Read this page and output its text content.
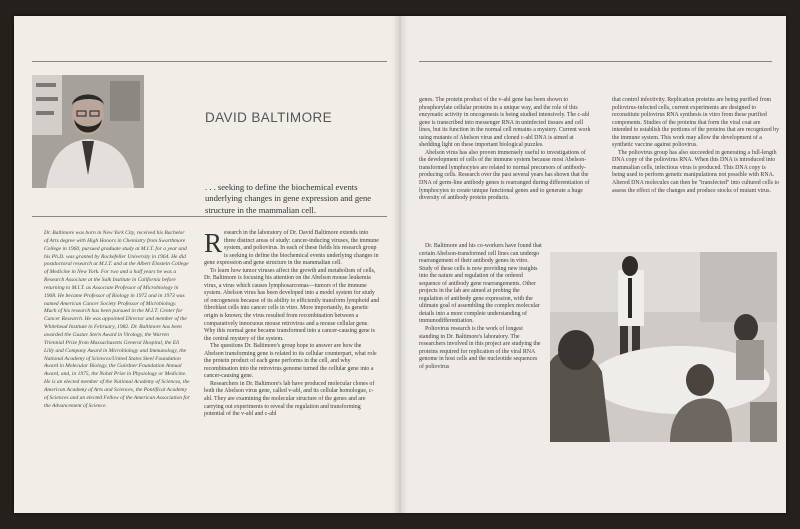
DAVID BALTIMORE

. . . seeking to define the biochemical events underlying changes in gene expression and gene structure in the mammalian cell.

Dr. Baltimore was born in New York City, received his Bachelor of Arts degree with High Honors in Chemistry from Swarthmore College in 1960, pursued graduate study at M.I.T. for a year and his Ph.D. was granted by Rockefeller University in 1964. He did postdoctoral research at M.I.T. and at the Albert Einstein College of Medicine in New York. For two and a half years he was a Research Associate at the Salk Institute in California before returning to M.I.T. as Associate Professor of Microbiology in 1968. He became Professor of Biology in 1972 and in 1973 was named American Cancer Society Professor of Microbiology. Much of his research has been pursued in the M.I.T. Center for Cancer Research. He was appointed Director and member of the Whitehead Institute in February, 1982. Dr. Baltimore has been awarded the Gustav Stern Award in Virology, the Warren Triennial Prize from Massachusetts General Hospital, the Eli Lilly and Company Award in Microbiology and Immunology, the National Academy of Sciences/United States Steel Foundation Award in Molecular Biology, the Gairdner Foundation Annual Award, and, in 1975, the Nobel Prize in Physiology or Medicine. He is an elected member of the National Academy of Sciences, the American Academy of Arts and Sciences, the Pontifical Academy of Sciences and an elected Fellow of the American Association for the Advancement of Science.

R esearch in the laboratory of Dr. David Baltimore extends into three distinct areas of study: cancer-inducing viruses, the immune system, and poliovirus. In each of these fields his research group is seeking to define the biochemical events underlying changes in gene expression and gene structure in the mammalian cell.

To learn how tumor viruses affect the growth and metabolism of cells, Dr. Baltimore is focusing his attention on the Abelson mouse leukemia virus, a virus which causes lymphosarcomas—tumors of the immune system. Abelson virus has been developed into a model system for study of oncogenesis because of its ability to efficiently transform lymphoid and fibroblast cells into cancer cells in vitro. More importantly, its genetic origin is known; the virus resulted from recombination between a comparatively innocuous mouse retrovirus and a mouse cellular gene. Why this normal gene became transformed into a cancer-causing gene is the central mystery of the system.

The questions Dr. Baltimore's group hope to answer are how the Abelson transforming gene is related to its cellular counterpart, what role the protein product of each gene performs in the cell, and why recombination into the retrovirus genome turned the cellular gene into a cancer-causing gene.

Researchers in Dr. Baltimore's lab have produced molecular clones of both the Abelson virus gene, called v-abl, and its cellular homologue, c-abl. They are examining the molecular structure of the genes and are carrying out experiments to reveal the regulation and transforming potential of the v-abl and c-abl

genes. The protein product of the v-abl gene has been shown to phosphorylate cellular proteins in a unique way, and the role of this enzymatic activity in oncogenesis is being studied intensively. The c-abl gene is transcribed into messenger RNA in uninfected tissues and cell lines, but its function in the normal cell remains a mystery. Current work using mutants of Abelson virus and cloned c-abl DNA is aimed at shedding light on these important biological puzzles.

Abelson virus has also proven immensely useful to investigations of the development of cells of the immune system because most Abelson-transformed lymphocytes are related to normal precursors of antibody-producing cells. Research over the past several years has shown that the DNA of germ-line antibody genes is rearranged during differentiation of lymphocytes to create unique functional genes and to generate a huge diversity of antibody protein products.

Dr. Baltimore and his co-workers have found that certain Abelson-transformed cell lines can undergo rearrangement of their antibody genes in vitro. Study of these cells is now providing new insights into the nature and regulation of the ordered sequence of antibody gene rearrangements. Other projects in the lab are aimed at probing the regulation of antibody gene expression, with the ultimate goal of assembling the complex molecular details into a more complete understanding of immunodifferentiation.

Poliovirus research is the work of longest standing in Dr. Baltimore's laboratory. The researchers involved in this project are studying the proteins required for replication of the viral RNA genome in host cells and the nucleotide sequences of poliovirus

that control infectivity. Replication proteins are being purified from poliovirus-infected cells, current experiments are designed to reconstitute poliovirus RNA synthesis in vitro from these purified components. Studies of the proteins that form the viral coat are intended to establish the portions of the proteins that are recognized by the immune system. This work may allow the development of a synthetic vaccine against poliovirus.

The poliovirus group has also succeeded in generating a full-length DNA copy of the poliovirus RNA. When this DNA is introduced into mammalian cells, infectious virus is produced. This DNA copy is being used to perform genetic manipulations not possible with RNA. Altered DNA molecules can then be "transfected" into cultured cells to assess the effect of the changes and produce stocks of mutant virus.
